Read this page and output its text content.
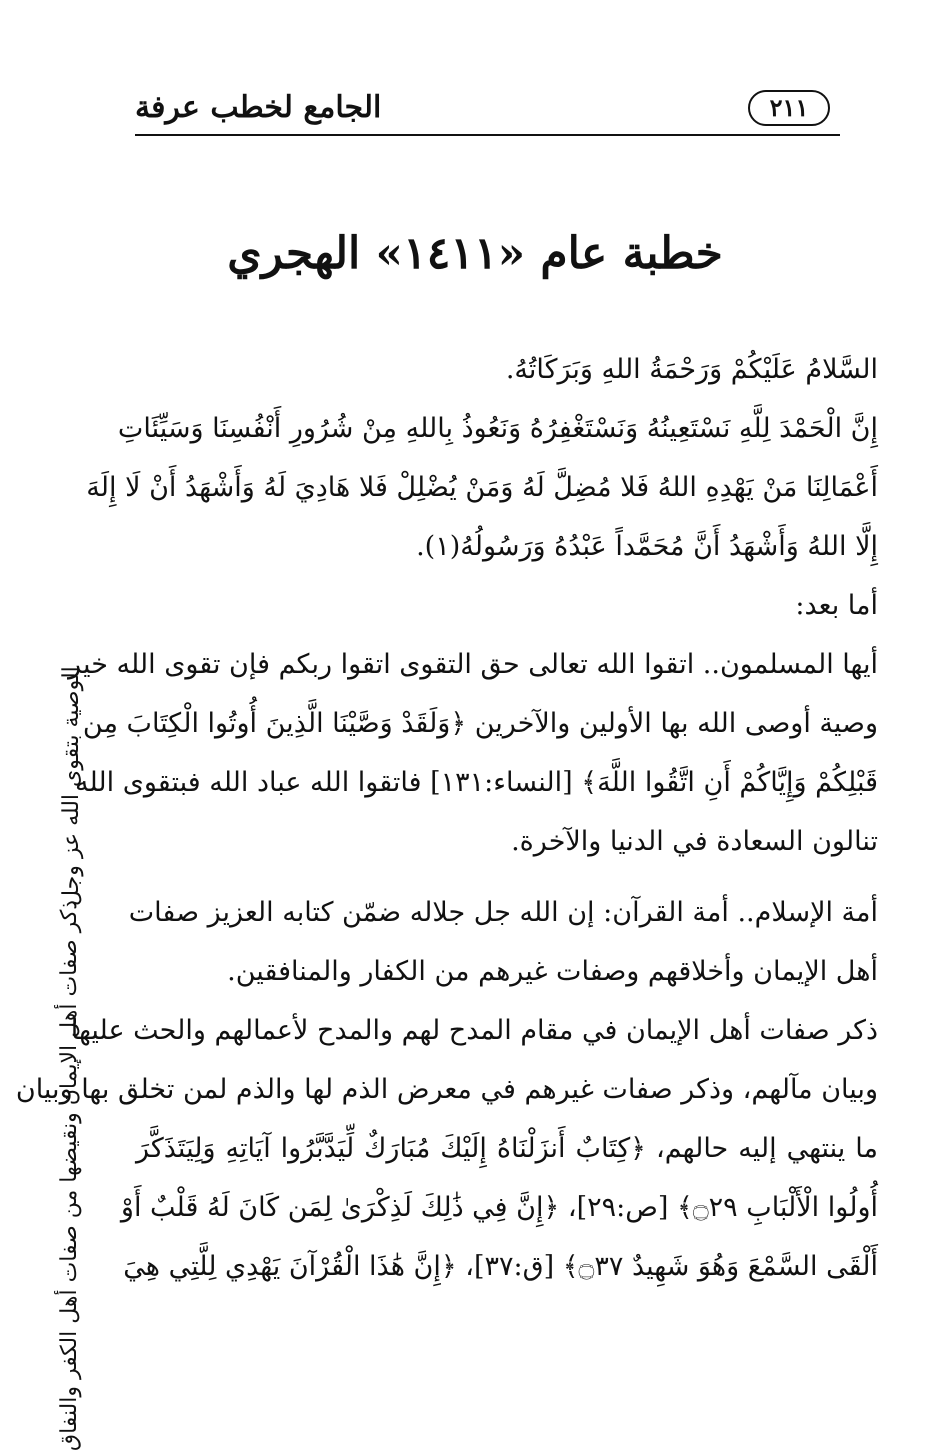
الجامع لخطب عرفة	٢١١
خطبة عام «١٤١١» الهجري
السَّلامُ عَلَيْكُمْ وَرَحْمَةُ اللهِ وَبَرَكَاتُهُ.
إِنَّ الْحَمْدَ لِلَّهِ نَسْتَعِينُهُ وَنَسْتَغْفِرُهُ وَنَعُوذُ بِاللهِ مِنْ شُرُورِ أَنْفُسِنَا وَسَيِّئَاتِ
أَعْمَالِنَا مَنْ يَهْدِهِ اللهُ فَلا مُضِلَّ لَهُ وَمَنْ يُضْلِلْ فَلا هَادِيَ لَهُ وَأَشْهَدُ أَنْ لَا إِلَهَ
إِلَّا اللهُ وَأَشْهَدُ أَنَّ مُحَمَّداً عَبْدُهُ وَرَسُولُهُ(١).
أما بعد:
أيها المسلمون.. اتقوا الله تعالى حق التقوى اتقوا ربكم فإن تقوى الله خير
وصية أوصى الله بها الأولين والآخرين ﴿وَلَقَدْ وَصَّيْنَا الَّذِينَ أُوتُوا الْكِتَابَ مِن
قَبْلِكُمْ وَإِيَّاكُمْ أَنِ اتَّقُوا اللَّهَ﴾ [النساء:١٣١] فاتقوا الله عباد الله فبتقوى الله
تنالون السعادة في الدنيا والآخرة.
أمة الإسلام.. أمة القرآن: إن الله جل جلاله ضمّن كتابه العزيز صفات
أهل الإيمان وأخلاقهم وصفات غيرهم من الكفار والمنافقين.
ذكر صفات أهل الإيمان في مقام المدح لهم والمدح لأعمالهم والحث عليها
وبيان مآلهم، وذكر صفات غيرهم في معرض الذم لها والذم لمن تخلق بها وبيان
ما ينتهي إليه حالهم، ﴿كِتَابٌ أَنزَلْنَاهُ إِلَيْكَ مُبَارَكٌ لِّيَدَّبَّرُوا آيَاتِهِ وَلِيَتَذَكَّرَ
أُولُوا الْأَلْبَابِ ۝٢٩﴾ [ص:٢٩]، ﴿إِنَّ فِي ذَٰلِكَ لَذِكْرَىٰ لِمَن كَانَ لَهُ قَلْبٌ أَوْ
أَلْقَى السَّمْعَ وَهُوَ شَهِيدٌ ۝٣٧﴾ [ق:٣٧]، ﴿إِنَّ هَٰذَا الْقُرْآنَ يَهْدِي لِلَّتِي هِيَ
الوصية بتقوى الله عز وجل
ذكر صفات أهل الإيمان ونقيضها من صفات أهل الكفر والنفاق
